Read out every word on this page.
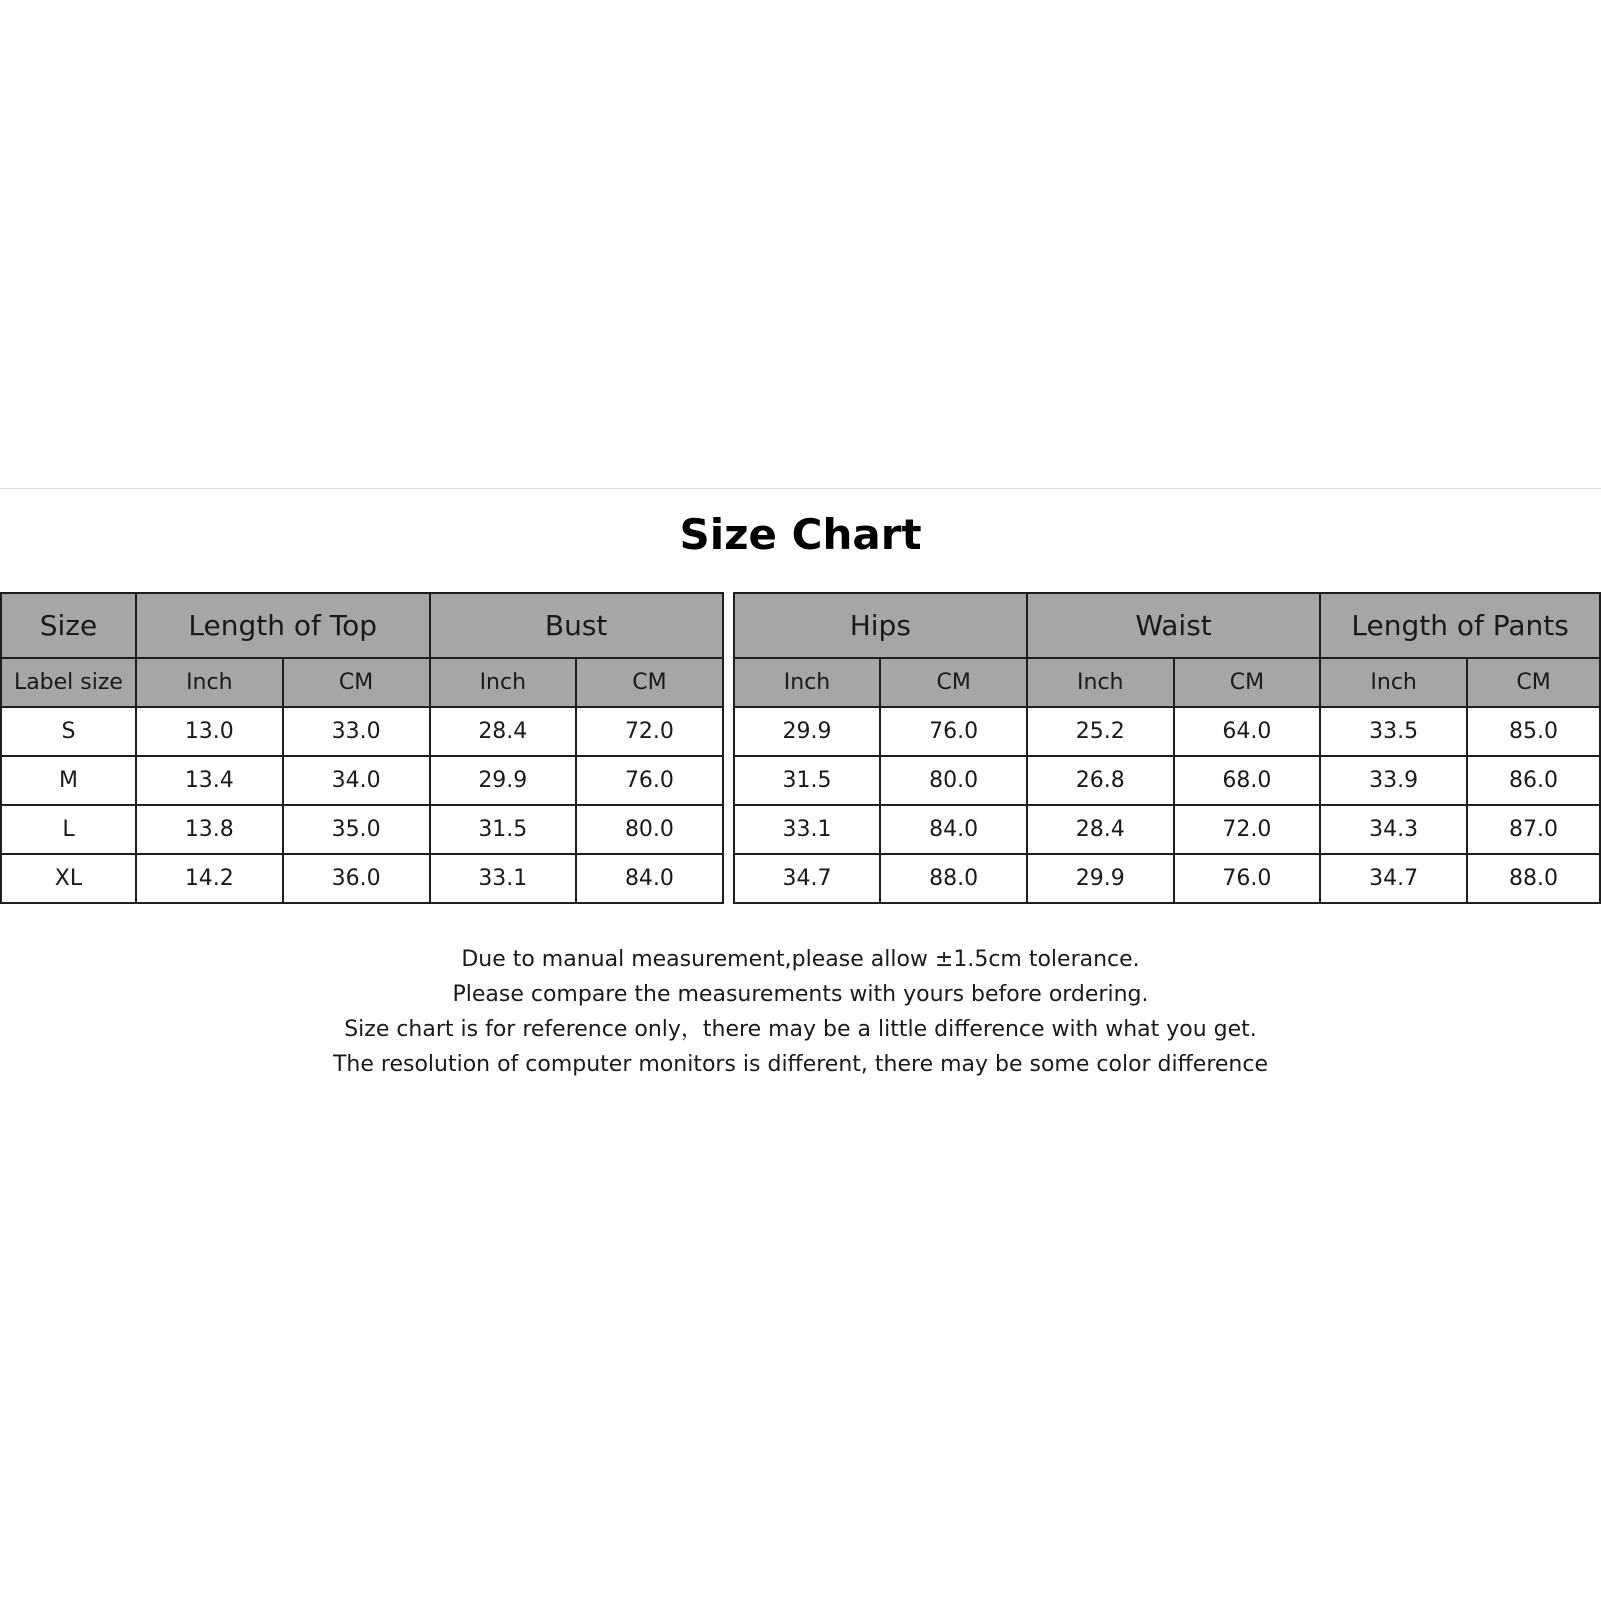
Size Chart
Size	Length of Top		Bust			Hips		Waist		Length of Pants	
Label size	Inch	CM	Inch	CM		Inch	CM	Inch	CM	Inch	CM
S	13.0	33.0	28.4	72.0		29.9	76.0	25.2	64.0	33.5	85.0
M	13.4	34.0	29.9	76.0		31.5	80.0	26.8	68.0	33.9	86.0
L	13.8	35.0	31.5	80.0		33.1	84.0	28.4	72.0	34.3	87.0
XL	14.2	36.0	33.1	84.0		34.7	88.0	29.9	76.0	34.7	88.0
Due to manual measurement,please allow ±1.5cm tolerance.
Please compare the measurements with yours before ordering.
Size chart is for reference only，there may be a little difference with what you get.
The resolution of computer monitors is different, there may be some color difference
